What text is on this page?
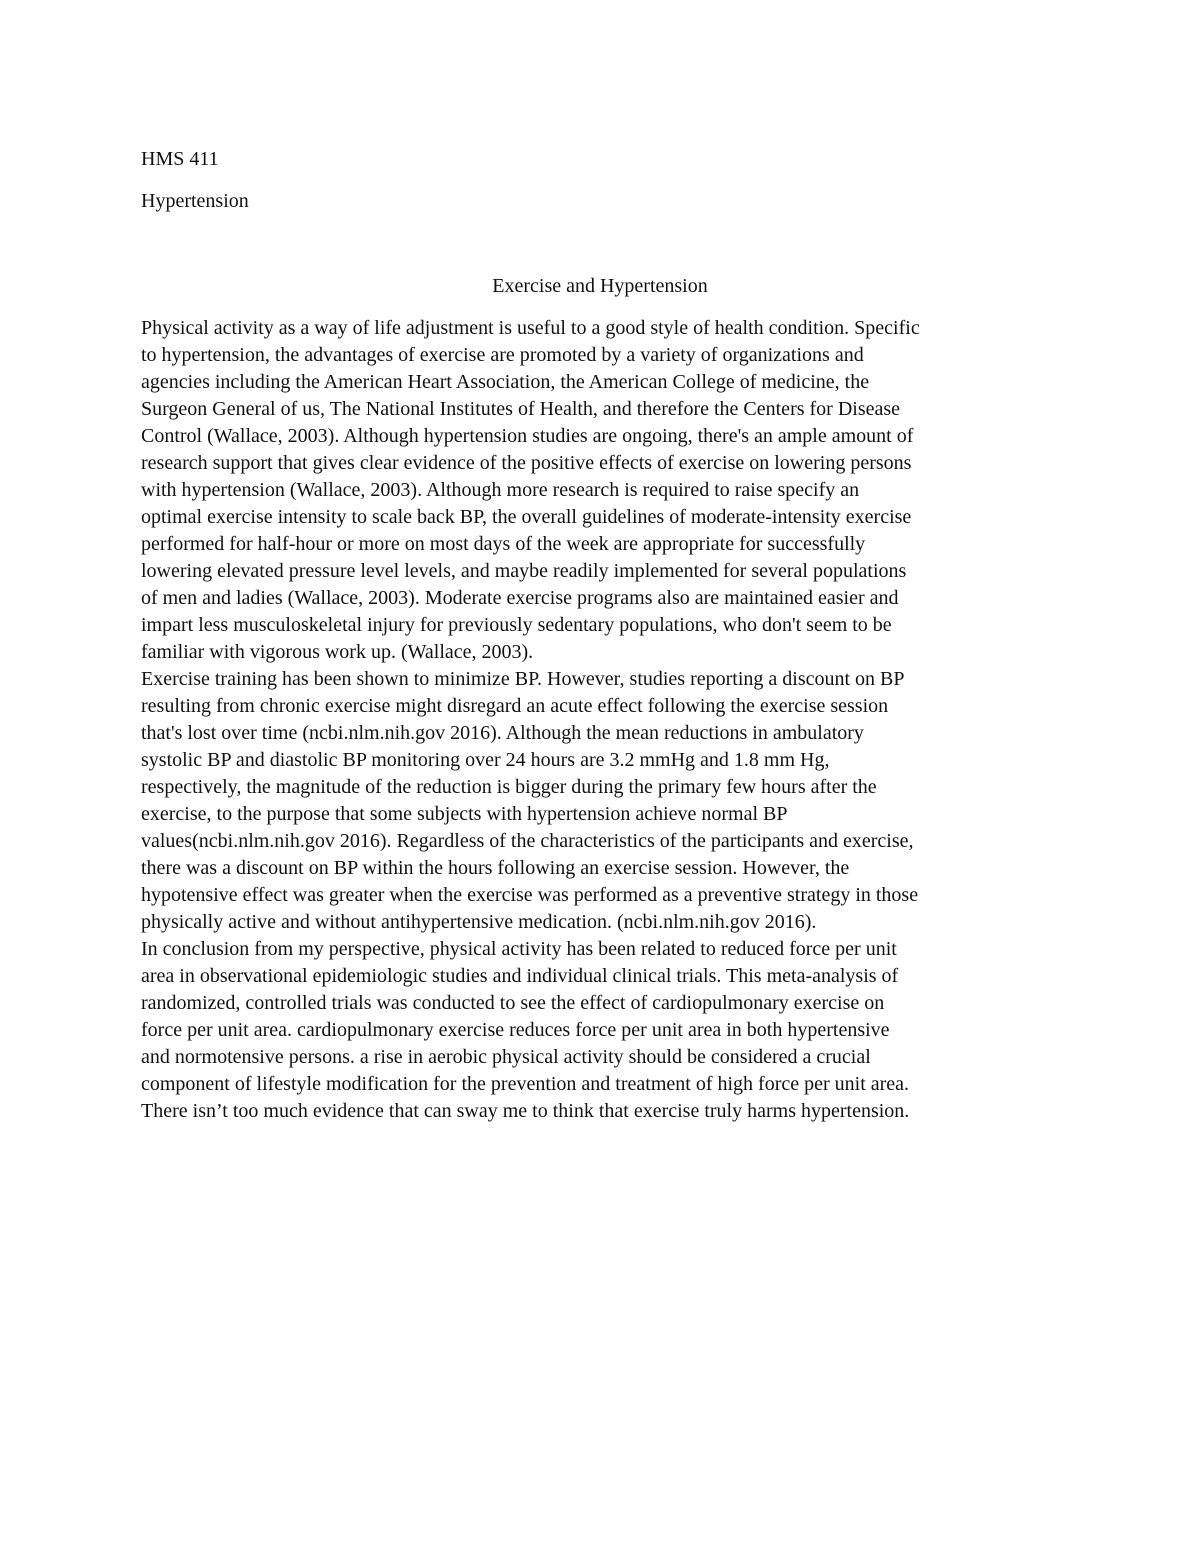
HMS 411
Hypertension
Exercise and Hypertension
Physical activity as a way of life adjustment is useful to a good style of health condition. Specific
to hypertension, the advantages of exercise are promoted by a variety of organizations and
agencies including the American Heart Association, the American College of medicine, the
Surgeon General of us, The National Institutes of Health, and therefore the Centers for Disease
Control (Wallace, 2003). Although hypertension studies are ongoing, there's an ample amount of
research support that gives clear evidence of the positive effects of exercise on lowering persons
with hypertension (Wallace, 2003). Although more research is required to raise specify an
optimal exercise intensity to scale back BP, the overall guidelines of moderate-intensity exercise
performed for half-hour or more on most days of the week are appropriate for successfully
lowering elevated pressure level levels, and maybe readily implemented for several populations
of men and ladies (Wallace, 2003). Moderate exercise programs also are maintained easier and
impart less musculoskeletal injury for previously sedentary populations, who don't seem to be
familiar with vigorous work up. (Wallace, 2003).
Exercise training has been shown to minimize BP. However, studies reporting a discount on BP
resulting from chronic exercise might disregard an acute effect following the exercise session
that's lost over time (ncbi.nlm.nih.gov 2016). Although the mean reductions in ambulatory
systolic BP and diastolic BP monitoring over 24 hours are 3.2 mmHg and 1.8 mm Hg,
respectively, the magnitude of the reduction is bigger during the primary few hours after the
exercise, to the purpose that some subjects with hypertension achieve normal BP
values(ncbi.nlm.nih.gov 2016). Regardless of the characteristics of the participants and exercise,
there was a discount on BP within the hours following an exercise session. However, the
hypotensive effect was greater when the exercise was performed as a preventive strategy in those
physically active and without antihypertensive medication. (ncbi.nlm.nih.gov 2016).
In conclusion from my perspective, physical activity has been related to reduced force per unit
area in observational epidemiologic studies and individual clinical trials. This meta-analysis of
randomized, controlled trials was conducted to see the effect of cardiopulmonary exercise on
force per unit area. cardiopulmonary exercise reduces force per unit area in both hypertensive
and normotensive persons. a rise in aerobic physical activity should be considered a crucial
component of lifestyle modification for the prevention and treatment of high force per unit area.
There isn’t too much evidence that can sway me to think that exercise truly harms hypertension.
